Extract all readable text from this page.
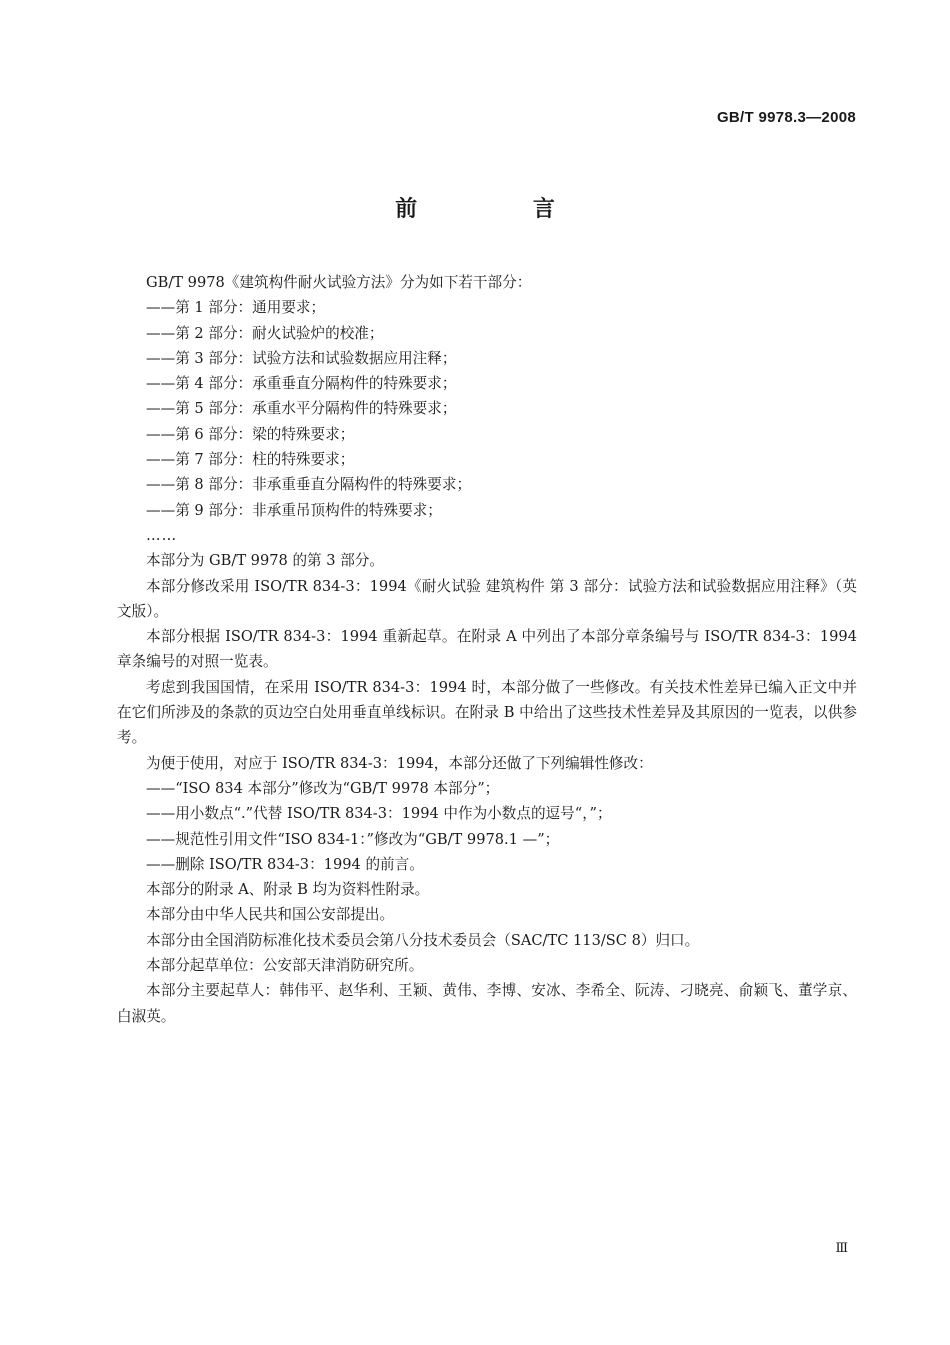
GB/T 9978.3—2008
前 言

GB/T 9978《建筑构件耐火试验方法》分为如下若干部分：

——第 1 部分：通用要求；

——第 2 部分：耐火试验炉的校准；

——第 3 部分：试验方法和试验数据应用注释；

——第 4 部分：承重垂直分隔构件的特殊要求；

——第 5 部分：承重水平分隔构件的特殊要求；

——第 6 部分：梁的特殊要求；

——第 7 部分：柱的特殊要求；

——第 8 部分：非承重垂直分隔构件的特殊要求；

——第 9 部分：非承重吊顶构件的特殊要求；

……

本部分为 GB/T 9978 的第 3 部分。

本部分修改采用 ISO/TR 834-3：1994《耐火试验 建筑构件 第 3 部分：试验方法和试验数据应用注释》（英文版）。

本部分根据 ISO/TR 834-3：1994 重新起草。在附录 A 中列出了本部分章条编号与 ISO/TR 834-3：1994 章条编号的对照一览表。

考虑到我国国情，在采用 ISO/TR 834-3：1994 时，本部分做了一些修改。有关技术性差异已编入正文中并在它们所涉及的条款的页边空白处用垂直单线标识。在附录 B 中给出了这些技术性差异及其原因的一览表，以供参考。

为便于使用，对应于 ISO/TR 834-3：1994，本部分还做了下列编辑性修改：

——“ISO 834 本部分”修改为“GB/T 9978 本部分”；

——用小数点“.”代替 ISO/TR 834-3：1994 中作为小数点的逗号“，”；

——规范性引用文件“ISO 834-1：”修改为“GB/T 9978.1 —”；

——删除 ISO/TR 834-3：1994 的前言。

本部分的附录 A、附录 B 均为资料性附录。

本部分由中华人民共和国公安部提出。

本部分由全国消防标准化技术委员会第八分技术委员会（SAC/TC 113/SC 8）归口。

本部分起草单位：公安部天津消防研究所。

本部分主要起草人：韩伟平、赵华利、王颖、黄伟、李博、安冰、李希全、阮涛、刁晓亮、俞颖飞、董学京、白淑英。

Ⅲ
